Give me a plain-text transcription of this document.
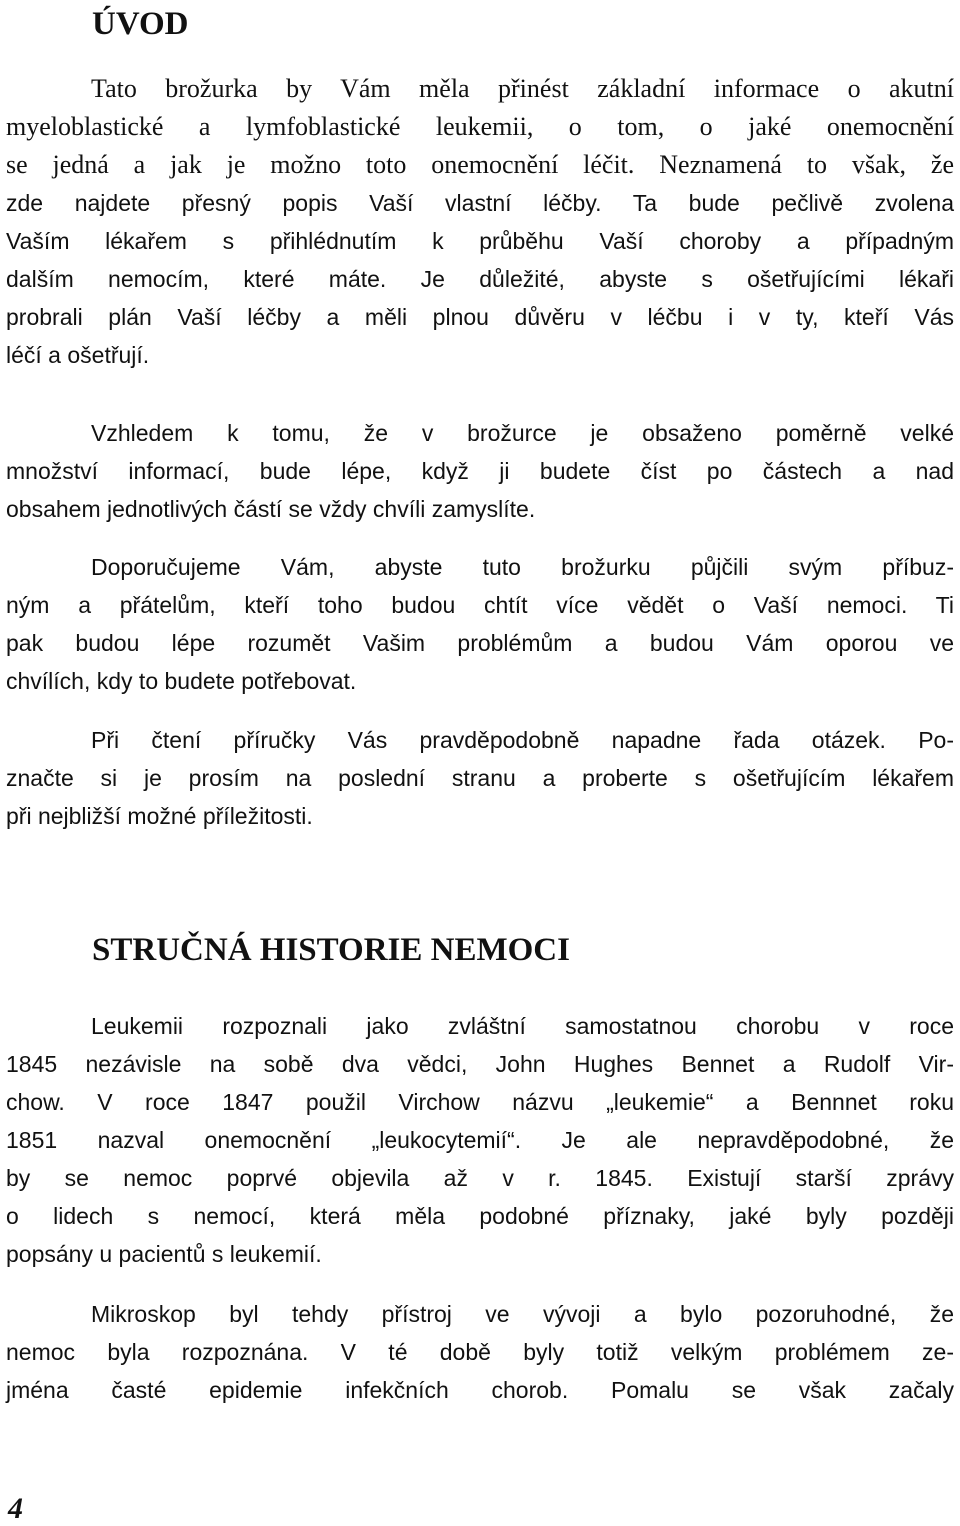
ÚVOD
Tato brožurka by Vám měla přinést základní informace o akutní
myeloblastické a lymfoblastické leukemii, o tom, o jaké onemocnění
se jedná a jak je možno toto onemocnění léčit. Neznamená to však, že
zde najdete přesný popis Vaší vlastní léčby. Ta bude pečlivě zvolena
Vaším lékařem s přihlédnutím k průběhu Vaší choroby a případným
dalším nemocím, které máte. Je důležité, abyste s ošetřujícími lékaři
probrali plán Vaší léčby a měli plnou důvěru v léčbu i v ty, kteří Vás
léčí a ošetřují.
Vzhledem k tomu, že v brožurce je obsaženo poměrně velké
množství informací, bude lépe, když ji budete číst po částech a nad
obsahem jednotlivých částí se vždy chvíli zamyslíte.
Doporučujeme Vám, abyste tuto brožurku půjčili svým příbuz-
ným a přátelům, kteří toho budou chtít více vědět o Vaší nemoci. Ti
pak budou lépe rozumět Vašim problémům a budou Vám oporou ve
chvílích, kdy to budete potřebovat.
Při čtení příručky Vás pravděpodobně napadne řada otázek. Po-
značte si je prosím na poslední stranu a proberte s ošetřujícím lékařem
při nejbližší možné příležitosti.
STRUČNÁ HISTORIE NEMOCI
Leukemii rozpoznali jako zvláštní samostatnou chorobu v roce
1845 nezávisle na sobě dva vědci, John Hughes Bennet a Rudolf Vir-
chow. V roce 1847 použil Virchow názvu „leukemie“ a Bennnet roku
1851 nazval onemocnění „leukocytemií“. Je ale nepravděpodobné, že
by se nemoc poprvé objevila až v r. 1845. Existují starší zprávy
o lidech s nemocí, která měla podobné příznaky, jaké byly později
popsány u pacientů s leukemií.
Mikroskop byl tehdy přístroj ve vývoji a bylo pozoruhodné, že
nemoc byla rozpoznána. V té době byly totiž velkým problémem ze-
jména časté epidemie infekčních chorob. Pomalu se však začaly
4
